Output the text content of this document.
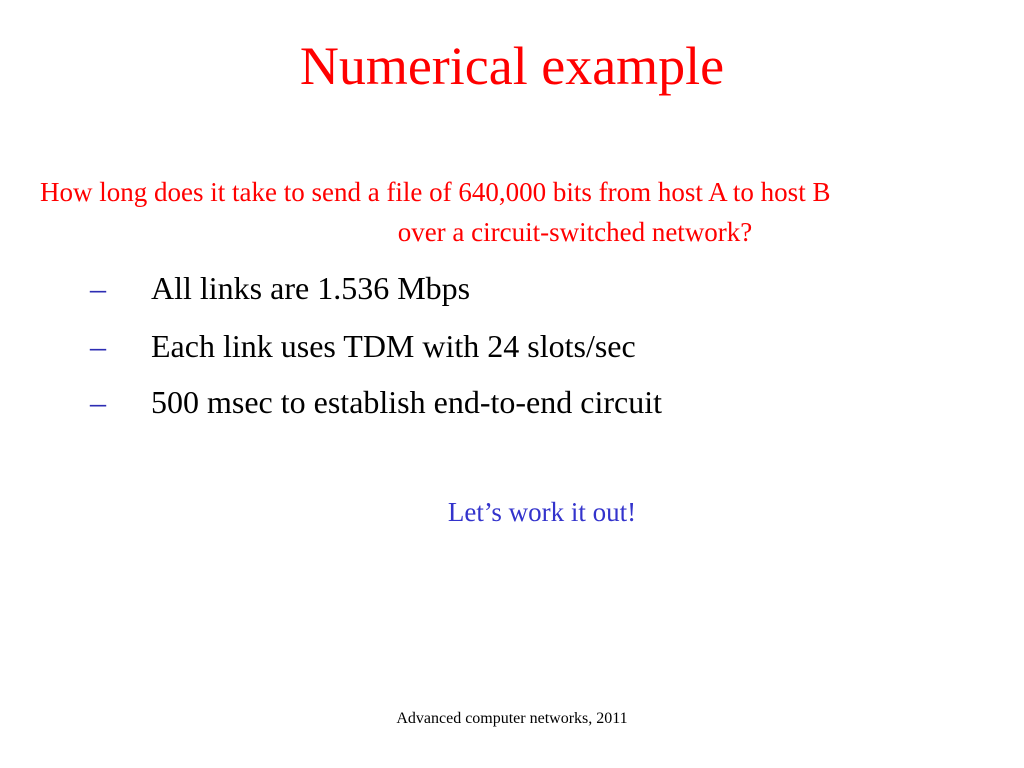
Numerical example
How long does it take to send a file of 640,000 bits from host A to host B
over a circuit-switched network?
– All links are 1.536 Mbps
– Each link uses TDM with 24 slots/sec
– 500 msec to establish end-to-end circuit
Let’s work it out!
Advanced computer networks, 2011
